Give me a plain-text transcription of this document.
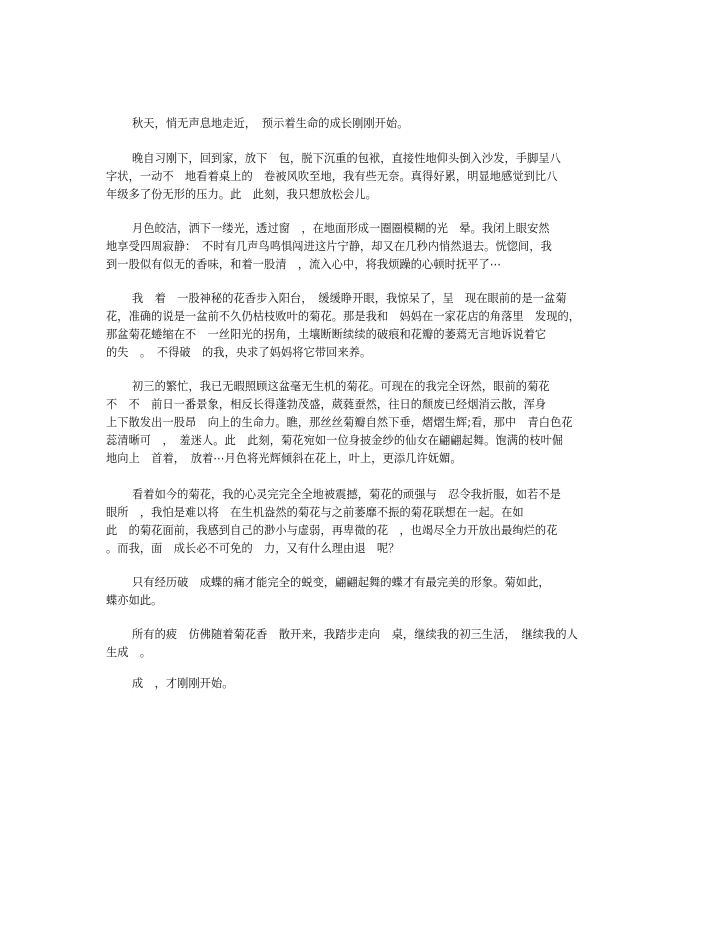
秋天，悄无声息地走近，　预示着生命的成长刚刚开始。
晚自习刚下，回到家，放下　包，脱下沉重的包袱，直接性地仰头倒入沙发，手脚呈八
字状，一动不　地看着桌上的　卷被风吹至地，我有些无奈。真得好累，明显地感觉到比八
年级多了份无形的压力。此　此刻，我只想放松会儿。
月色皎洁，洒下一缕光，透过窗　，在地面形成一圈圈模糊的光　晕。我闭上眼安然
地享受四周寂静：　不时有几声鸟鸣惧闯进这片宁静，却又在几秒内悄然退去。恍惚间，我
到一股似有似无的香味，和着一股清　，流入心中，将我烦躁的心顿时抚平了⋯
我　着　一股神秘的花香步入阳台，　缓缓睁开眼，我惊呆了，呈　现在眼前的是一盆菊
花，准确的说是一盆前不久仍枯枝败叶的菊花。那是我和　妈妈在一家花店的角落里　发现的，
那盆菊花蜷缩在不　一丝阳光的拐角，土壤断断续续的破痕和花瓣的萎蔫无言地诉说着它
的失　。　不得破　的我，央求了妈妈将它带回来养。
初三的繁忙，我已无暇照顾这盆毫无生机的菊花。可现在的我完全讶然，眼前的菊花
不　不　前日一番景象，相反长得蓬勃茂盛，葳蕤蚕然，往日的颓废已经烟消云散，浑身
上下散发出一股昂　向上的生命力。瞧，那丝丝菊瓣自然下垂，熠熠生辉;看，那中　青白色花
蕊清晰可　，　羞迷人。此　此刻，菊花宛如一位身披金纱的仙女在翩翩起舞。饱满的枝叶倔
地向上　首着，　放着⋯月色将光辉倾斜在花上，叶上，更添几许妩媚。
看着如今的菊花，我的心灵完完全全地被震撼，菊花的顽强与　忍令我折服，如若不是
眼所　，我怕是难以将　在生机盎然的菊花与之前萎靡不振的菊花联想在一起。在如
此　的菊花面前，我感到自己的渺小与虚弱，再卑微的花　，也竭尽全力开放出最绚烂的花
。而我，面　成长必不可免的　力，又有什么理由退　呢？
只有经历破　成蝶的痛才能完全的蜕变，翩翩起舞的蝶才有最完美的形象。菊如此，
蝶亦如此。
所有的疲　仿佛随着菊花香　散开来，我踏步走向　桌，继续我的初三生活，　继续我的人
生成　。
成　，才刚刚开始。
